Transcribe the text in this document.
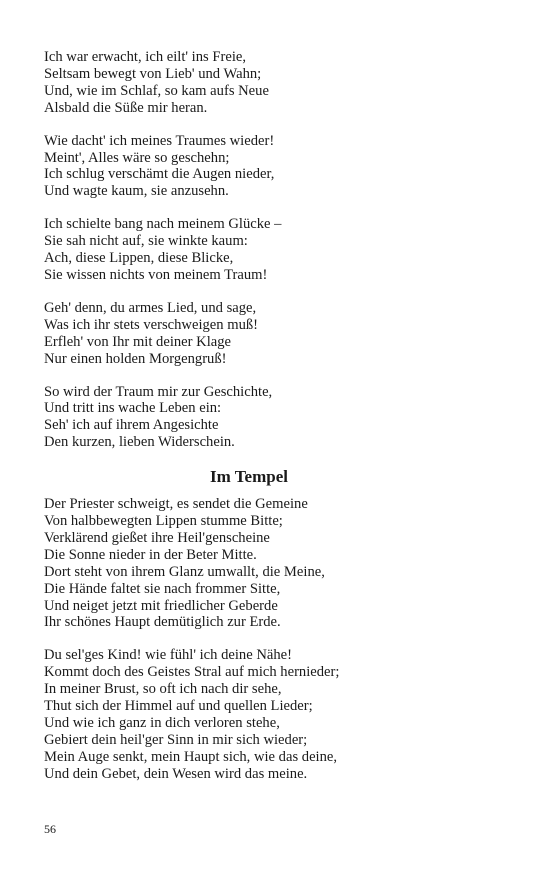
Ich war erwacht, ich eilt' ins Freie,
Seltsam bewegt von Lieb' und Wahn;
Und, wie im Schlaf, so kam aufs Neue
Alsbald die Süße mir heran.
Wie dacht' ich meines Traumes wieder!
Meint', Alles wäre so geschehn;
Ich schlug verschämt die Augen nieder,
Und wagte kaum, sie anzusehn.
Ich schielte bang nach meinem Glücke –
Sie sah nicht auf, sie winkte kaum:
Ach, diese Lippen, diese Blicke,
Sie wissen nichts von meinem Traum!
Geh' denn, du armes Lied, und sage,
Was ich ihr stets verschweigen muß!
Erfleh' von Ihr mit deiner Klage
Nur einen holden Morgengruß!
So wird der Traum mir zur Geschichte,
Und tritt ins wache Leben ein:
Seh' ich auf ihrem Angesichte
Den kurzen, lieben Widerschein.
Im Tempel
Der Priester schweigt, es sendet die Gemeine
Von halbbewegten Lippen stumme Bitte;
Verklärend gießet ihre Heil'genscheine
Die Sonne nieder in der Beter Mitte.
Dort steht von ihrem Glanz umwallt, die Meine,
Die Hände faltet sie nach frommer Sitte,
Und neiget jetzt mit friedlicher Geberde
Ihr schönes Haupt demütiglich zur Erde.
Du sel'ges Kind! wie fühl' ich deine Nähe!
Kommt doch des Geistes Stral auf mich hernieder;
In meiner Brust, so oft ich nach dir sehe,
Thut sich der Himmel auf und quellen Lieder;
Und wie ich ganz in dich verloren stehe,
Gebiert dein heil'ger Sinn in mir sich wieder;
Mein Auge senkt, mein Haupt sich, wie das deine,
Und dein Gebet, dein Wesen wird das meine.
56
